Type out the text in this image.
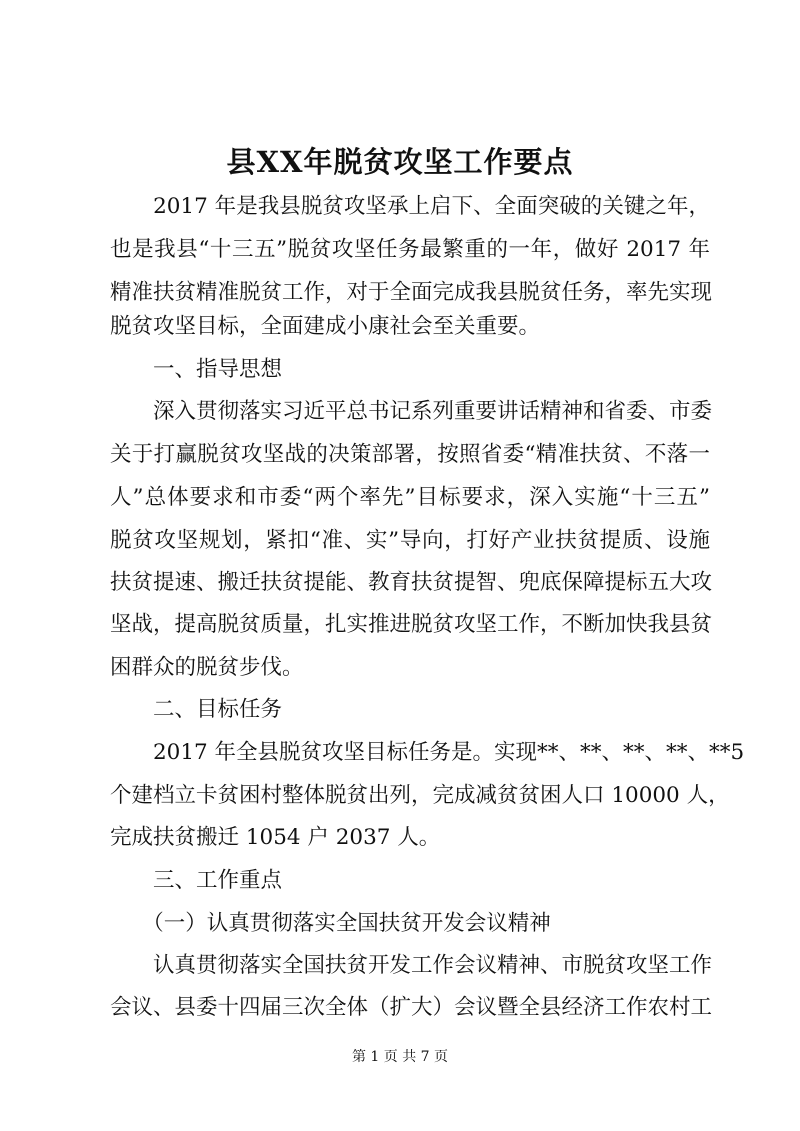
县XX年脱贫攻坚工作要点
　　2017 年是我县脱贫攻坚承上启下、全面突破的关键之年，
也是我县“十三五”脱贫攻坚任务最繁重的一年，做好 2017 年
精准扶贫精准脱贫工作，对于全面完成我县脱贫任务，率先实现
脱贫攻坚目标，全面建成小康社会至关重要。
　　一、指导思想
　　深入贯彻落实习近平总书记系列重要讲话精神和省委、市委
关于打赢脱贫攻坚战的决策部署，按照省委“精准扶贫、不落一
人”总体要求和市委“两个率先”目标要求，深入实施“十三五”
脱贫攻坚规划，紧扣“准、实”导向，打好产业扶贫提质、设施
扶贫提速、搬迁扶贫提能、教育扶贫提智、兜底保障提标五大攻
坚战，提高脱贫质量，扎实推进脱贫攻坚工作，不断加快我县贫
困群众的脱贫步伐。
　　二、目标任务
　　2017 年全县脱贫攻坚目标任务是。实现**、**、**、**、**5
个建档立卡贫困村整体脱贫出列，完成减贫贫困人口 10000 人，
完成扶贫搬迁 1054 户 2037 人。
　　三、工作重点
　　（一）认真贯彻落实全国扶贫开发会议精神
　　认真贯彻落实全国扶贫开发工作会议精神、市脱贫攻坚工作
会议、县委十四届三次全体（扩大）会议暨全县经济工作农村工
第 1 页 共 7 页
